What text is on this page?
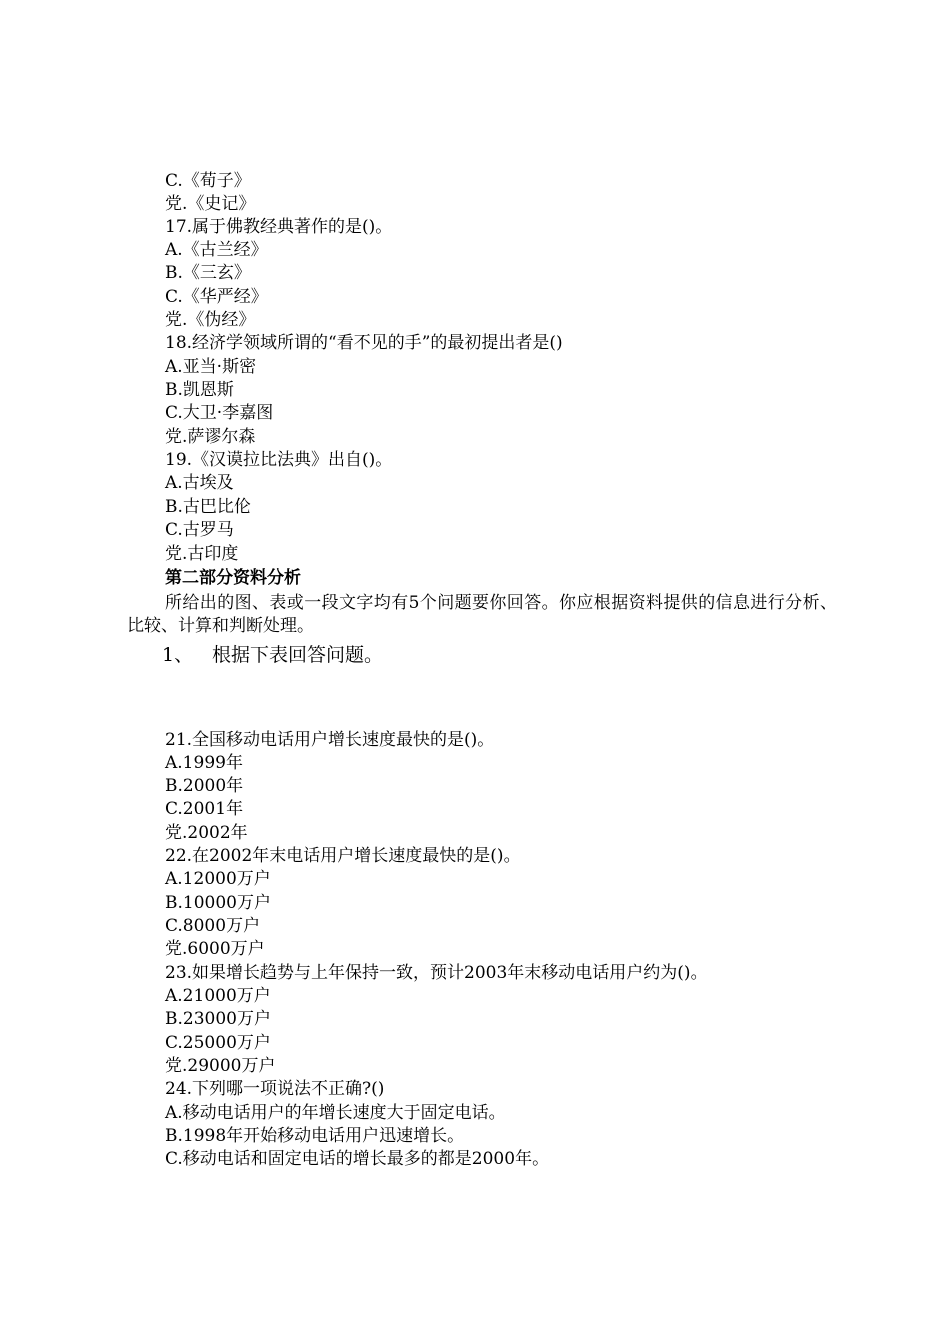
C.《荀子》
党.《史记》
17.属于佛教经典著作的是()。
A.《古兰经》
B.《三玄》
C.《华严经》
党.《伪经》
18.经济学领域所谓的“看不见的手”的最初提出者是()
A.亚当·斯密
B.凯恩斯
C.大卫·李嘉图
党.萨谬尔森
19.《汉谟拉比法典》出自()。
A.古埃及
B.古巴比伦
C.古罗马
党.古印度
第二部分资料分析
所给出的图、表或一段文字均有5个问题要你回答。你应根据资料提供的信息进行分析、比较、计算和判断处理。
1、 根据下表回答问题。
21.全国移动电话用户增长速度最快的是()。
A.1999年
B.2000年
C.2001年
党.2002年
22.在2002年末电话用户增长速度最快的是()。
A.12000万户
B.10000万户
C.8000万户
党.6000万户
23.如果增长趋势与上年保持一致，预计2003年末移动电话用户约为()。
A.21000万户
B.23000万户
C.25000万户
党.29000万户
24.下列哪一项说法不正确?()
A.移动电话用户的年增长速度大于固定电话。
B.1998年开始移动电话用户迅速增长。
C.移动电话和固定电话的增长最多的都是2000年。
